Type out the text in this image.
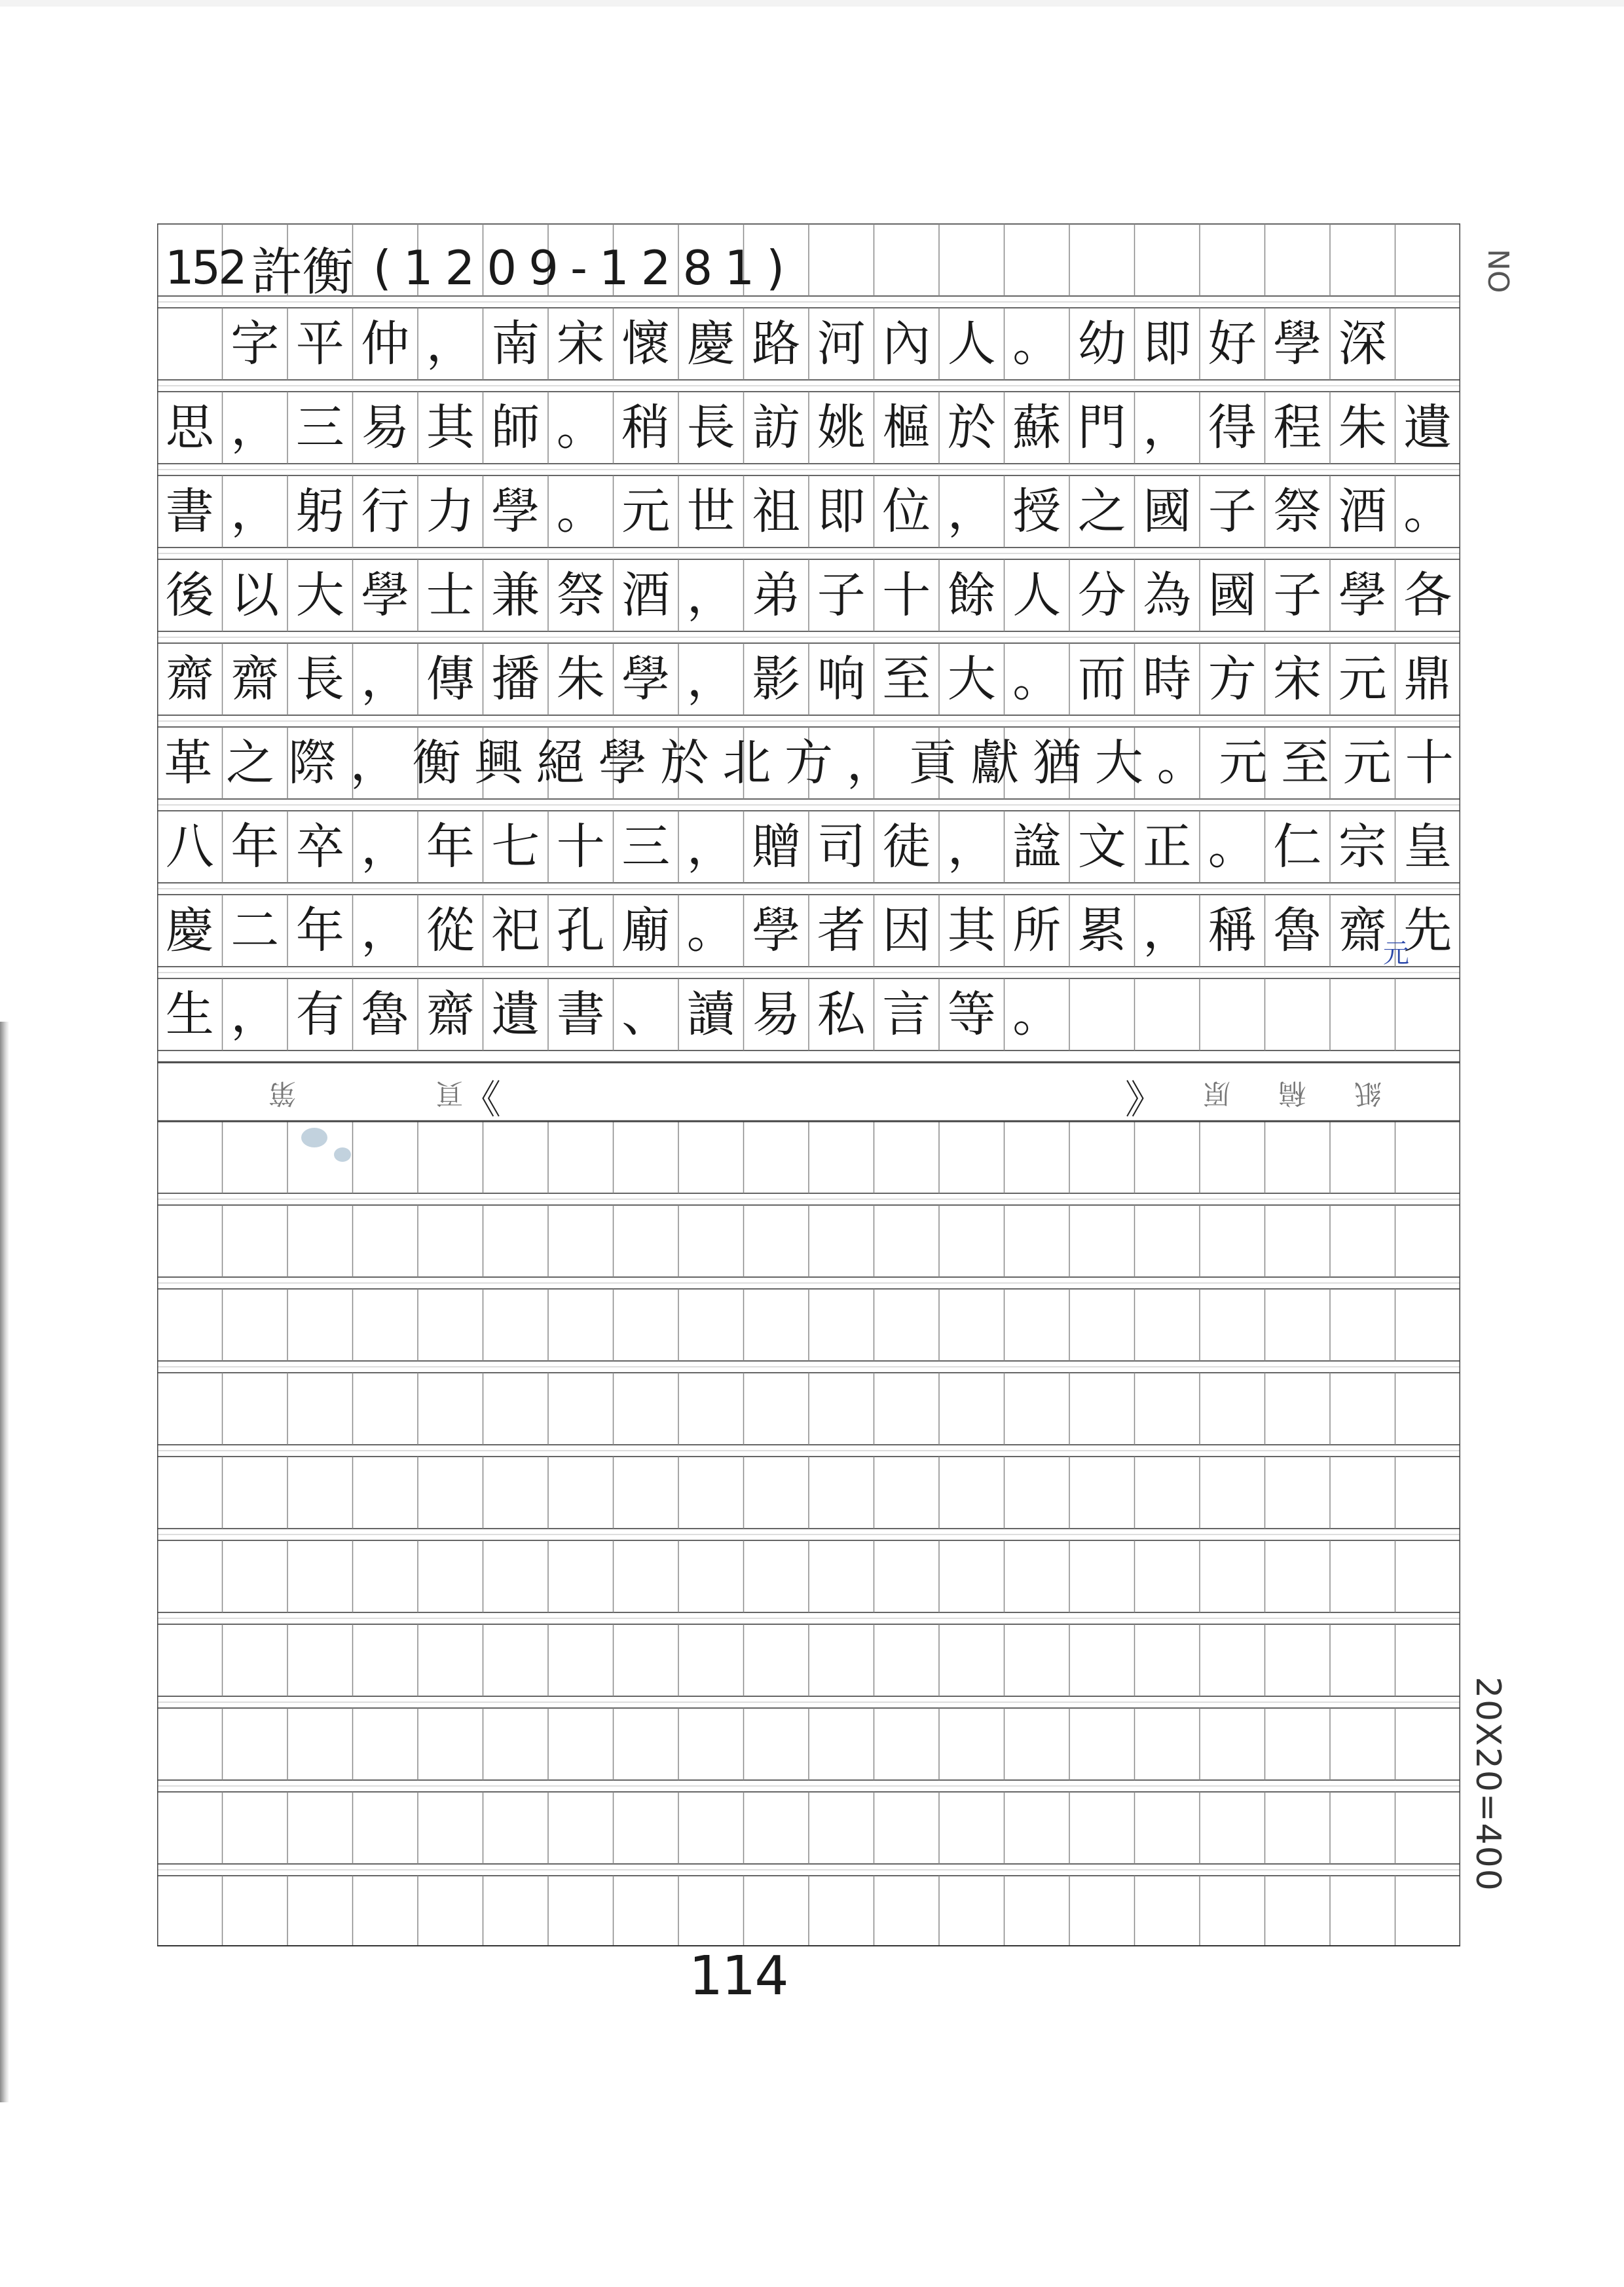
152 許衡 (1209-1281)

字 平 仲 ， 南 宋 懷 慶 路 河 內 人 。 幼 即 好 學 深
思 ， 三 易 其 師 。 稍 長 訪 姚 樞 於 蘇 門 ， 得 程 朱 遺
書 ， 躬 行 力 學 。 元 世 祖 即 位 ， 授 之 國 子 祭 酒 。
後 以 大 學 士 兼 祭 酒 ， 弟 子 十 餘 人 分 為 國 子 學 各
齋 齋 長 ， 傳 播 朱 學 ， 影 响 至 大 。 而 時 方 宋 元 鼎
革 之 際 ， 衡 興 絕 學 於 北 方 ， 貢 獻 猶 大 。 元 至 元 十
八 年 卒 ， 年 七 十 三 ， 贈 司 徒 ， 諡 文 正 。 仁 宗 皇
慶 二 年 ， 從 祀 孔 廟 。 學 者 因 其 所 累 ， 稱 魯 齋 先
生 ， 有 魯 齋 遺 書 、 讀 易 私 言 等 。
元
頁 第
《	》 紙 稿 原
114
20X20=400
NO
